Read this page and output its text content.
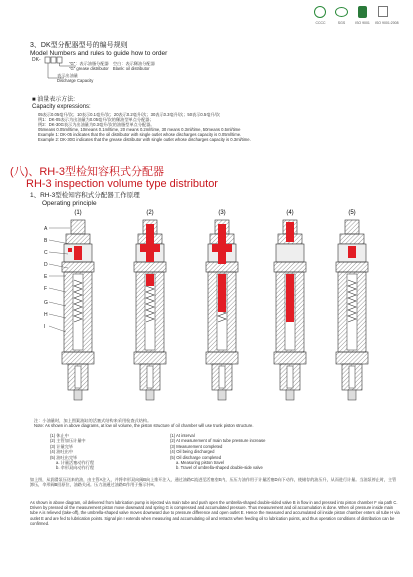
CCCC	SGS	ISO 9001	ISO 9001:2008
3、DK型分配器型号的编号规则
Model Numbers and rules to guide how to order
DK-
"G"：表示油脂分配器　空白：表示稀油分配器
"G" grease distributor　Blank: oil distributor
表示出油量
Discharge Capacity
■ 油量表示方法:
Capacity expressions:
05表示0.05毫升/次；10表示0.1毫升/次；20表示0.2毫升/次；30表示0.3毫升/次；50表示0.5毫升/次
例1：DK-05表示为出油量为0.05毫升/次的稀油型单点分配器；
例2：DK-30G表示为出油量为0.3毫升/次的油脂型单点分配器。
05means 0.05ml/time, 10means 0.1ml/time, 20 means 0.2ml/time, 30 means 0.3ml/time, 50means 0.5ml/time
Example 1: DK-05 indicates that the oil distributor with single outlet whose discharges capacity is 0.05ml/time.
Example 2: DK-30G indicates that the grease distributor with single outlet whose discharges capacity is 0.3ml/time.
(八)、RH-3型检知容积式分配器
RH-3 inspection volume type distributor
1、RH-3型检知容积式分配器工作原理
Operating principle
(1)	(2)	(3)	(4)	(5)
A
B
C
D
E
F
G
H
I
注：小油量时，加上图案油缸的活塞式结构来采用检查式结构。
Note: As shown in above diagrams, at low oil volume, the piston structure of oil chamber will use trunk piston structure.
(1) 休止中
(2) 主管加压计量中
(3) 计量完毕
(4) 油吐出中
(5) 油吐出完毕
a. 计量活塞动作行程
b. 伞形双向动作行程
(1) At interval
(2) At measurement of main tube pressure increase
(3) Measurement completed
(4) Oil being discharged
(5) Oil discharge completed
a. Measuring piston travel
b. Travel of umbrella-shaped double-side valve
如上图，从润滑泵压送来的油，由主管A注入，并将伞形双向阀B向上推开注入，通过油路C流进至活塞室E内，压压力油作用于计量活塞D向下动作，使储存的油压升，从而进行计量。当油泵停止时，主管卸压，伞形阀B回原位，油路关闭。压力油通过油路G作用于指示针H。
As shown in above diagram, oil delivered from lubrication pump is injected via main tube and push open the umbrella-shaped double-sided valve B in flow in and pressed into piston chamber F via path C. Driven by pressed oil the measurement piston move downward and spring G is compressed and accumulated pressure. Thus measurement and oil accumulation is done. When oil pressure inside main tube A is relieved (take-off), the umbrella-shaped valve moves downward due to pressure difference and open outlet E. Hence the measured and accumulated oil inside piston chamber enters oil tube H via outlet E and are fed to lubrication points. Signal pin I extends when measuring and accumulating oil and retracts when feeding oil to lubrication points, and thus operation conditions of distribution can be confirmed.
